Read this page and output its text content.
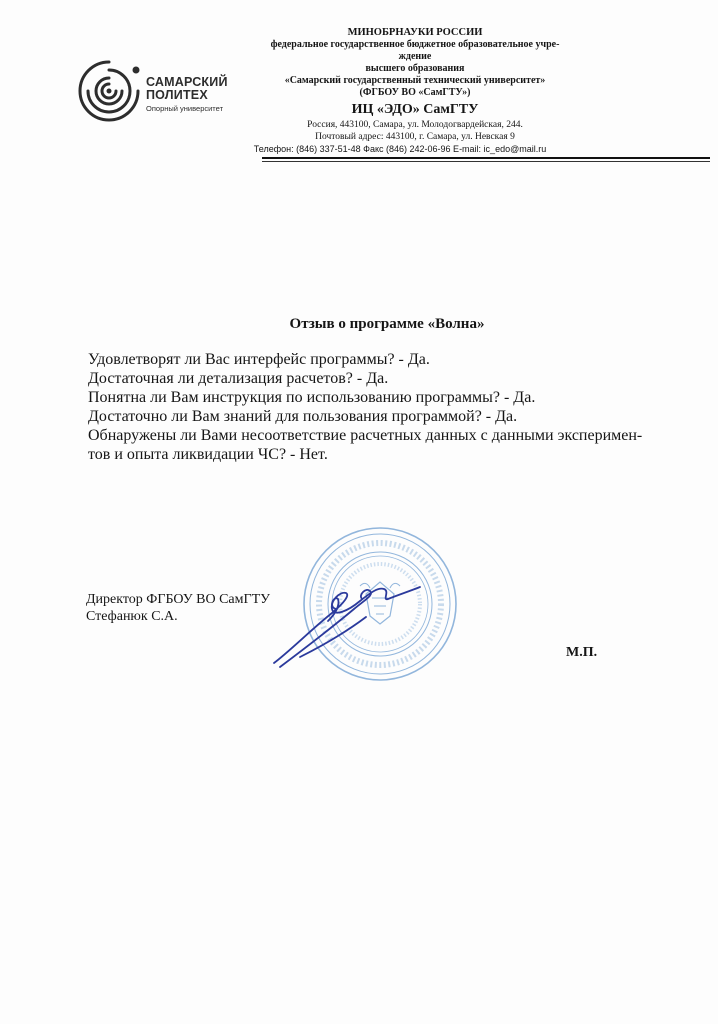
САМАРСКИЙ
ПОЛИТЕХ
Опорный университет
МИНОБРНАУКИ РОССИИ
федеральное государственное бюджетное образовательное учре-
ждение
высшего образования
«Самарский государственный технический университет»
(ФГБОУ ВО «СамГТУ»)
ИЦ «ЭДО» СамГТУ
Россия, 443100, Самара, ул. Молодогвардейская, 244.
Почтовый адрес: 443100, г. Самара, ул. Невская 9
Телефон: (846) 337-51-48 Факс (846) 242-06-96 E-mail: ic_edo@mail.ru
Отзыв о программе «Волна»
Удовлетворят ли Вас интерфейс программы? - Да.
Достаточная ли детализация расчетов? - Да.
Понятна ли Вам инструкция по использованию программы? - Да.
Достаточно ли Вам знаний для пользования программой? - Да.
Обнаружены ли Вами несоответствие расчетных данных с данными эксперимен-
тов и опыта ликвидации ЧС? - Нет.
Директор ФГБОУ ВО СамГТУ
Стефанюк С.А.
М.П.
